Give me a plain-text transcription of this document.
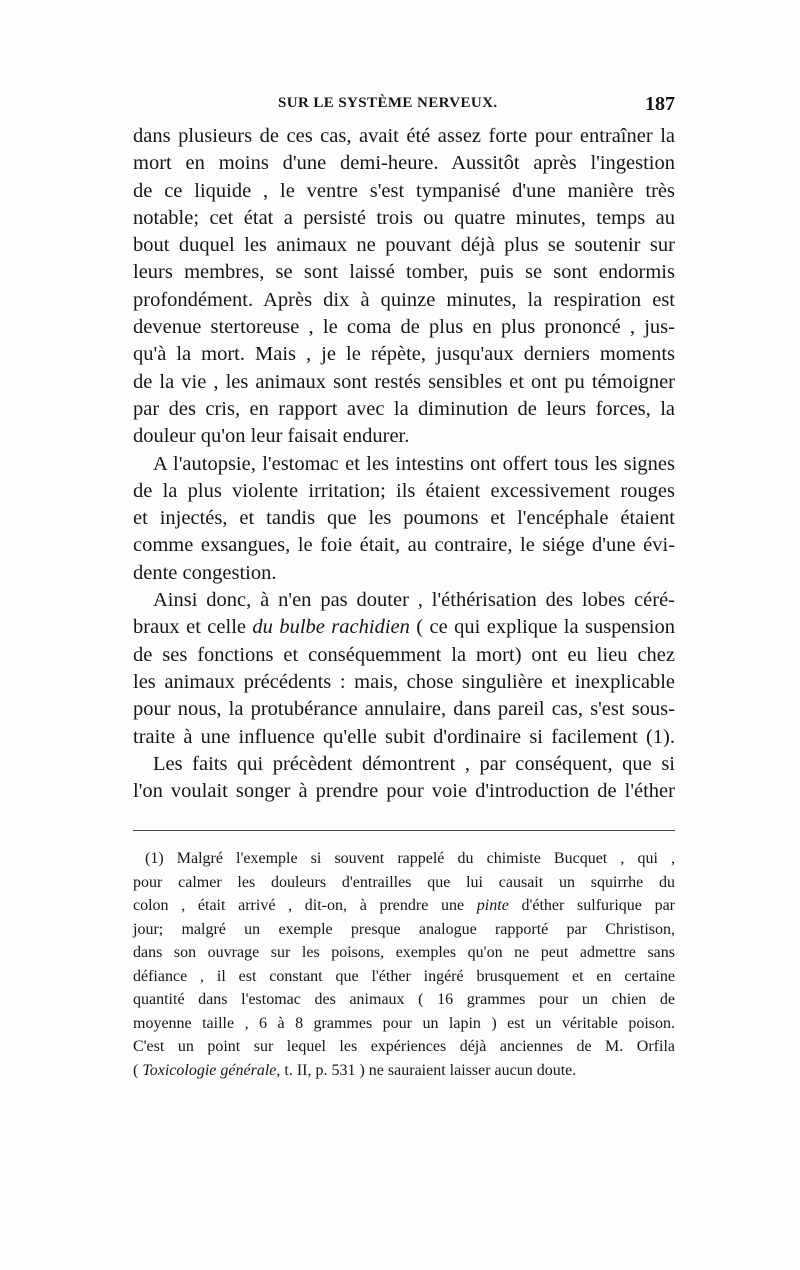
SUR LE SYSTÈME NERVEUX.	187
dans plusieurs de ces cas, avait été assez forte pour entraîner la
mort en moins d'une demi-heure. Aussitôt après l'ingestion
de ce liquide , le ventre s'est tympanisé d'une manière très
notable; cet état a persisté trois ou quatre minutes, temps au
bout duquel les animaux ne pouvant déjà plus se soutenir sur
leurs membres, se sont laissé tomber, puis se sont endormis
profondément. Après dix à quinze minutes, la respiration est
devenue stertoreuse , le coma de plus en plus prononcé , jus-
qu'à la mort. Mais , je le répète, jusqu'aux derniers moments
de la vie , les animaux sont restés sensibles et ont pu témoigner
par des cris, en rapport avec la diminution de leurs forces, la
douleur qu'on leur faisait endurer.
A l'autopsie, l'estomac et les intestins ont offert tous les signes
de la plus violente irritation; ils étaient excessivement rouges
et injectés, et tandis que les poumons et l'encéphale étaient
comme exsangues, le foie était, au contraire, le siége d'une évi-
dente congestion.
Ainsi donc, à n'en pas douter , l'éthérisation des lobes céré-
braux et celle du bulbe rachidien ( ce qui explique la suspension
de ses fonctions et conséquemment la mort) ont eu lieu chez
les animaux précédents : mais, chose singulière et inexplicable
pour nous, la protubérance annulaire, dans pareil cas, s'est sous-
traite à une influence qu'elle subit d'ordinaire si facilement (1).
Les faits qui précèdent démontrent , par conséquent, que si
l'on voulait songer à prendre pour voie d'introduction de l'éther
(1) Malgré l'exemple si souvent rappelé du chimiste Bucquet , qui ,
pour calmer les douleurs d'entrailles que lui causait un squirrhe du
colon , était arrivé , dit-on, à prendre une pinte d'éther sulfurique par
jour; malgré un exemple presque analogue rapporté par Christison,
dans son ouvrage sur les poisons, exemples qu'on ne peut admettre sans
défiance , il est constant que l'éther ingéré brusquement et en certaine
quantité dans l'estomac des animaux ( 16 grammes pour un chien de
moyenne taille , 6 à 8 grammes pour un lapin ) est un véritable poison.
C'est un point sur lequel les expériences déjà anciennes de M. Orfila
( Toxicologie générale, t. II, p. 531 ) ne sauraient laisser aucun doute.
